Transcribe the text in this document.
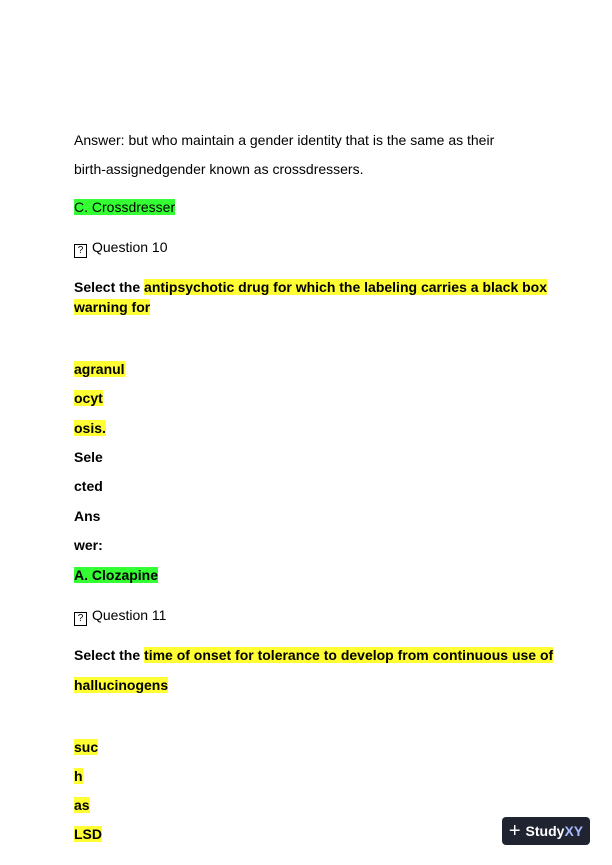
Answer: but who maintain a gender identity that is the same as their
birth-assignedgender known as crossdressers.
C. Crossdresser
? Question 10
Select the antipsychotic drug for which the labeling carries a black box
warning for
agranul
ocyt
osis.
Sele
cted
Ans
wer:
A. Clozapine
? Question 11
Select the time of onset for tolerance to develop from continuous use of
hallucinogens
suc
h
as
LSD	+ Study XY
